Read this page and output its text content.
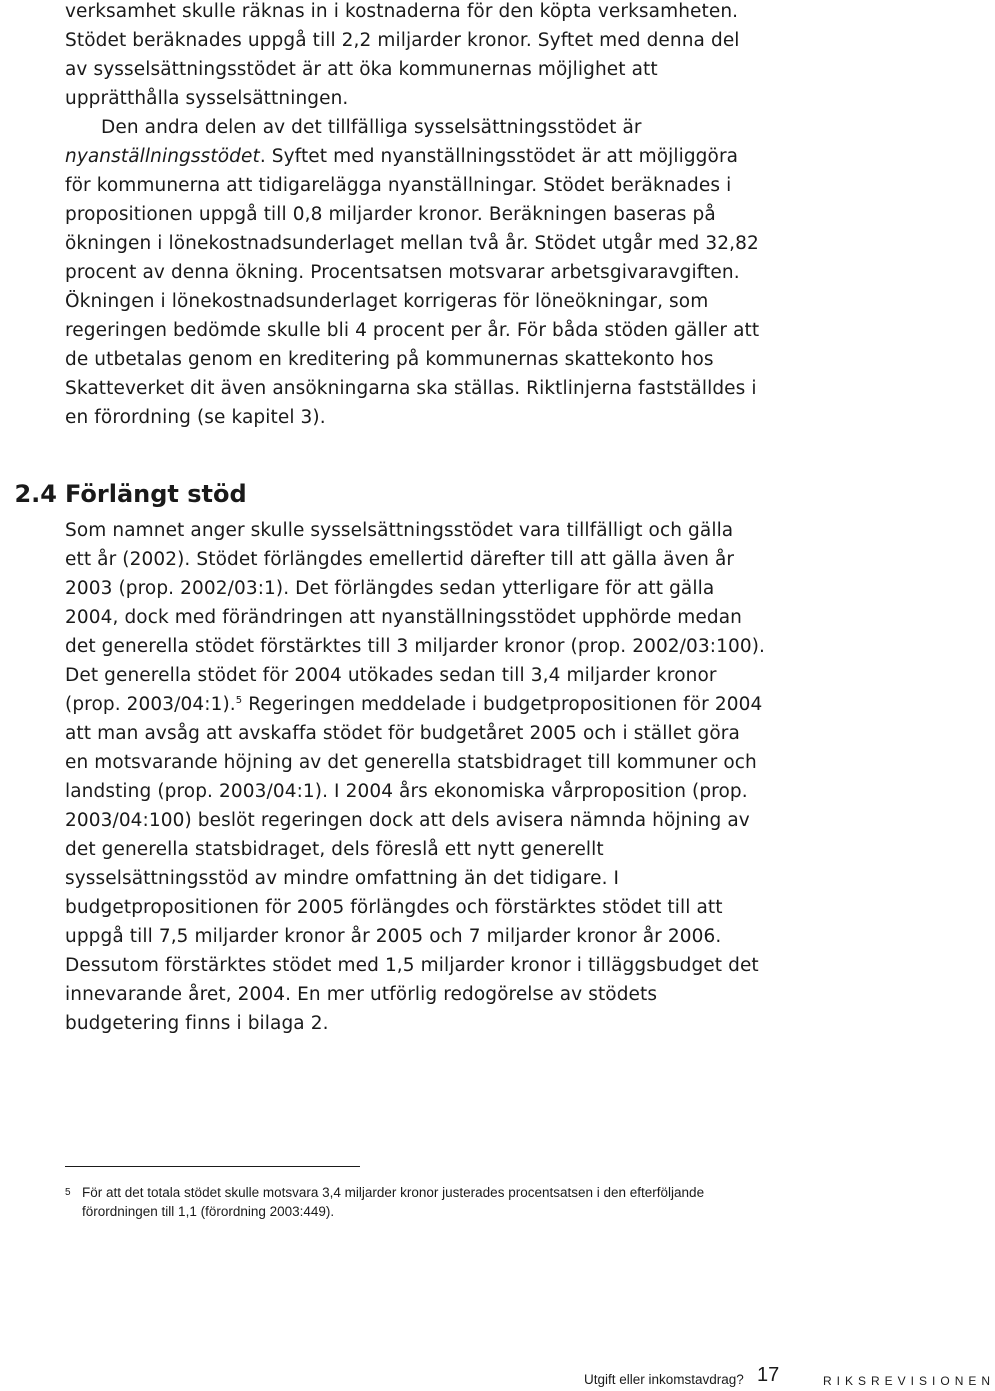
verksamhet skulle räknas in i kostnaderna för den köpta verksamheten. Stödet beräknades uppgå till 2,2 miljarder kronor. Syftet med denna del av sysselsättningsstödet är att öka kommunernas möjlighet att upprätthålla sysselsättningen.

Den andra delen av det tillfälliga sysselsättningsstödet är nyanställningsstödet. Syftet med nyanställningsstödet är att möjliggöra för kommunerna att tidigarelägga nyanställningar. Stödet beräknades i propositionen uppgå till 0,8 miljarder kronor. Beräkningen baseras på ökningen i lönekostnadsunderlaget mellan två år. Stödet utgår med 32,82 procent av denna ökning. Procentsatsen motsvarar arbetsgivaravgiften. Ökningen i lönekostnadsunderlaget korrigeras för löneökningar, som regeringen bedömde skulle bli 4 procent per år. För båda stöden gäller att de utbetalas genom en kreditering på kommunernas skattekonto hos Skatteverket dit även ansökningarna ska ställas. Riktlinjerna fastställdes i en förordning (se kapitel 3).

2.4 Förlängt stöd

Som namnet anger skulle sysselsättningsstödet vara tillfälligt och gälla ett år (2002). Stödet förlängdes emellertid därefter till att gälla även år 2003 (prop. 2002/03:1). Det förlängdes sedan ytterligare för att gälla 2004, dock med förändringen att nyanställningsstödet upphörde medan det generella stödet förstärktes till 3 miljarder kronor (prop. 2002/03:100). Det generella stödet för 2004 utökades sedan till 3,4 miljarder kronor (prop. 2003/04:1).$^5$ Regeringen meddelade i budgetpropositionen för 2004 att man avsåg att avskaffa stödet för budgetåret 2005 och i stället göra en motsvarande höjning av det generella statsbidraget till kommuner och landsting (prop. 2003/04:1). I 2004 års ekonomiska vårproposition (prop. 2003/04:100) beslöt regeringen dock att dels avisera nämnda höjning av det generella statsbidraget, dels föreslå ett nytt generellt sysselsättningsstöd av mindre omfattning än det tidigare. I budgetpropositionen för 2005 förlängdes och förstärktes stödet till att uppgå till 7,5 miljarder kronor år 2005 och 7 miljarder kronor år 2006. Dessutom förstärktes stödet med 1,5 miljarder kronor i tilläggsbudget det innevarande året, 2004. En mer utförlig redogörelse av stödets budgetering finns i bilaga 2.

5 För att det totala stödet skulle motsvara 3,4 miljarder kronor justerades procentsatsen i den efterföljande förordningen till 1,1 (förordning 2003:449).
Utgift eller inkomstavdrag? 17	RIKSREVISIONEN
